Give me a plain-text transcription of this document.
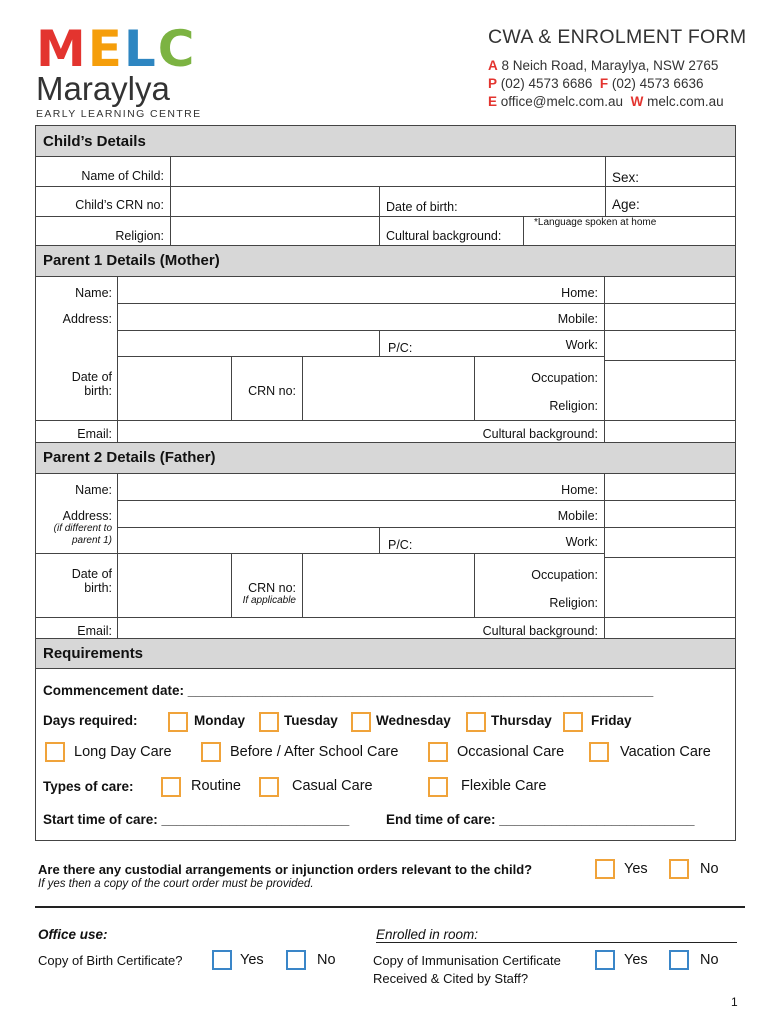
MELC
Maraylya
EARLY LEARNING CENTRE
CWA & ENROLMENT FORM
A 8 Neich Road, Maraylya, NSW 2765
P (02) 4573 6686 F (02) 4573 6636
E office@melc.com.au W melc.com.au
Child’s Details
Name of Child:	Sex:
Child’s CRN no:	Date of birth:	Age:
*Language spoken at home
Religion:	Cultural background:
Parent 1 Details (Mother)
Name:	Home:
Address:	Mobile:
P/C:	Work:
Date of
birth:	CRN no:
Occupation:
Religion:
Email:	Cultural background:
Parent 2 Details (Father)
Name:	Home:
Address:
(if different to
parent 1)
Mobile:
P/C:	Work:
Date of
birth:	CRN no:
If applicable
Occupation:
Religion:
Email:	Cultural background:
Requirements
Commencement date: ______________________________________________________________
Days required:	Monday	Tuesday	Wednesday	Thursday	Friday
Long Day Care	Before / After School Care	Occasional Care	Vacation Care
Types of care:	Routine	Casual Care	Flexible Care
Start time of care: _________________________	End time of care: __________________________
Are there any custodial arrangements or injunction orders relevant to the child?	Yes	No
If yes then a copy of the court order must be provided.
Office use:	Enrolled in room:
Copy of Birth Certificate?	Yes	No	Copy of Immunisation Certificate
Received & Cited by Staff?
Yes	No
1
